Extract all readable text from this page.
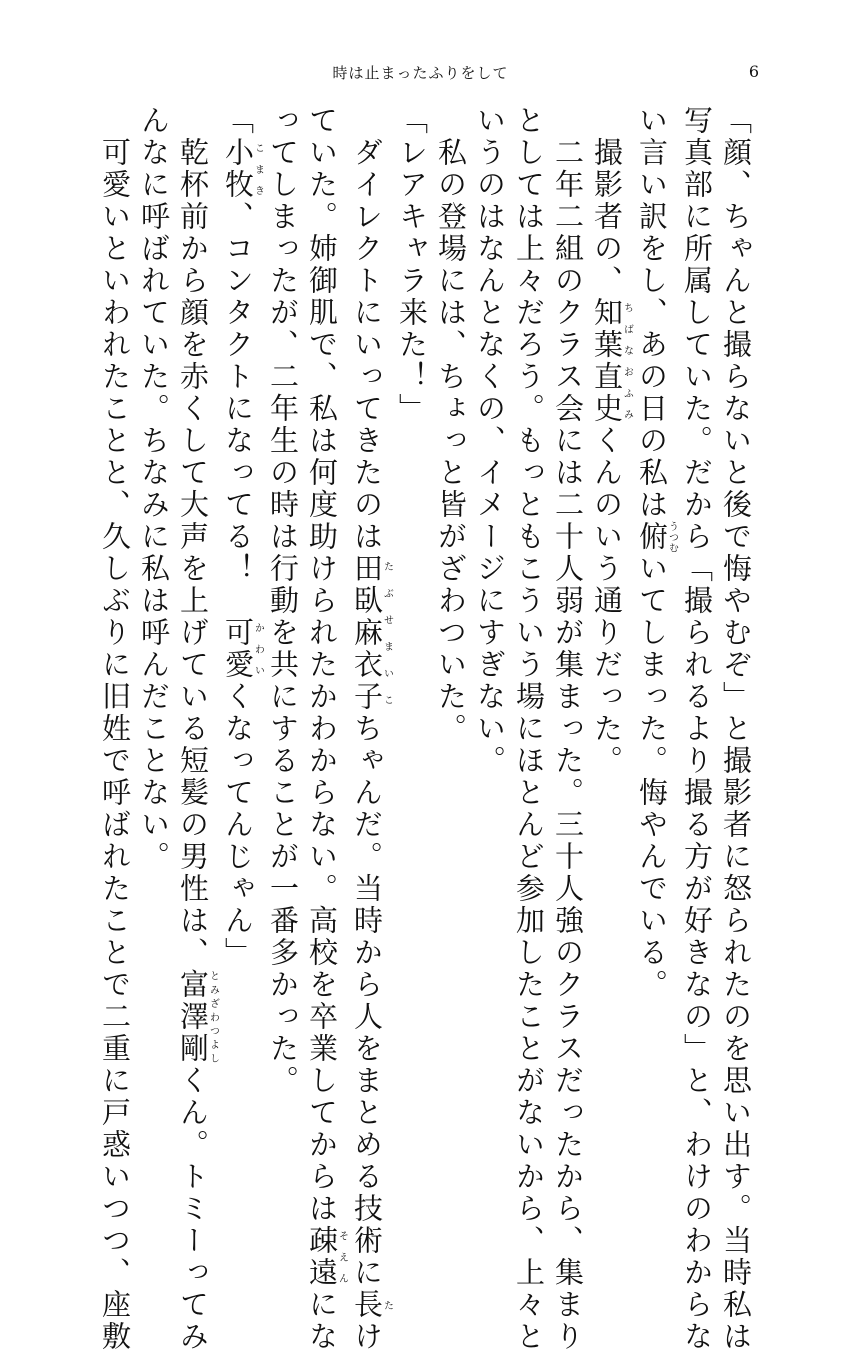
時は止まったふりをして	6

「顔、ちゃんと撮らないと後で悔やむぞ」と撮影者に怒られたのを思い出す。当時私は

写真部に所属していた。だから「撮られるより撮る方が好きなの」と、わけのわからな

い言い訳をし、あの日の私は俯うつむいてしまった。悔やんでいる。

　撮影者の、知葉直史ちばなおふみくんのいう通りだった。

　二年二組のクラス会には二十人弱が集まった。三十人強のクラスだったから、集まり

としては上々だろう。もっともこういう場にほとんど参加したことがないから、上々と

いうのはなんとなくの、イメージにすぎない。

　私の登場には、ちょっと皆がざわついた。

「レアキャラ来た！」

　ダイレクトにいってきたのは田臥麻衣子たぶせまいこちゃんだ。当時から人をまとめる技術に長たけ

ていた。姉御肌で、私は何度助けられたかわからない。高校を卒業してからは疎遠そえんにな

ってしまったが、二年生の時は行動を共にすることが一番多かった。

「小牧こまき、コンタクトになってる！　可愛かわいくなってんじゃん」

　乾杯前から顔を赤くして大声を上げている短髪の男性は、富澤剛とみざわつよしくん。トミーってみ

んなに呼ばれていた。ちなみに私は呼んだことない。

　可愛いといわれたことと、久しぶりに旧姓で呼ばれたことで二重に戸惑いつつ、座敷
